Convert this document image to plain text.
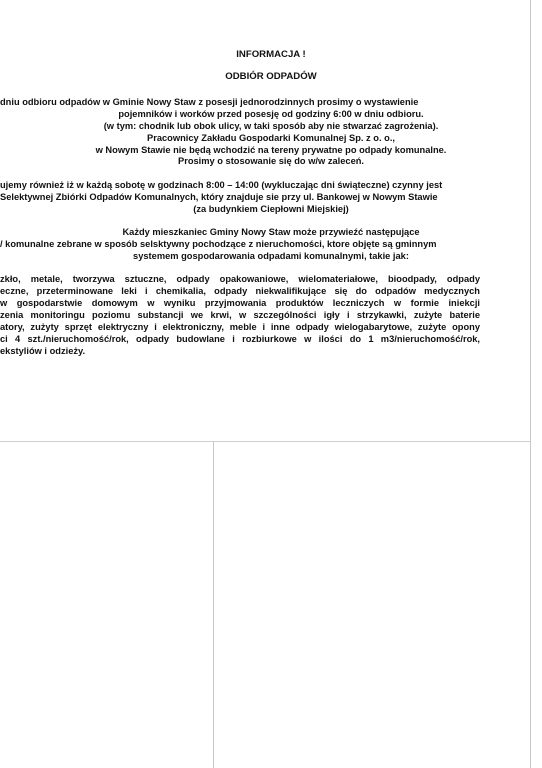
INFORMACJA !
ODBIÓR ODPADÓW
dniu odbioru odpadów w Gminie Nowy Staw z posesji jednorodzinnych prosimy o wystawienie
pojemników i worków przed posesję od godziny 6:00 w dniu odbioru.
(w tym: chodnik lub obok ulicy, w taki sposób aby nie stwarzać zagrożenia).
Pracownicy Zakładu Gospodarki Komunalnej Sp. z o. o.,
w Nowym Stawie nie będą wchodzić na tereny prywatne po odpady komunalne.
Prosimy o stosowanie się do w/w zaleceń.
ujemy również iż w każdą sobotę w godzinach 8:00 – 14:00 (wykluczając dni świąteczne) czynny jest
Selektywnej Zbiórki Odpadów Komunalnych, który znajduje sie przy ul. Bankowej w Nowym Stawie
(za budynkiem Ciepłowni Miejskiej)
Każdy mieszkaniec Gminy Nowy Staw może przywieźć następujące
/ komunalne zebrane w sposób selsktywny pochodzące z nieruchomości, ktore objęte są gminnym
systemem gospodarowania odpadami komunalnymi, takie jak:
zkło, metale, tworzywa sztuczne, odpady opakowaniowe, wielomateriałowe, bioodpady, odpady
eczne, przeterminowane leki i chemikalia, odpady niekwalifikujące się do odpadów medycznych
w gospodarstwie domowym w wyniku przyjmowania produktów leczniczych w formie iniekcji
zenia monitoringu poziomu substancji we krwi, w szczególności igły i strzykawki, zużyte baterie
atory, zużyty sprzęt elektryczny i elektroniczny, meble i inne odpady wielogabarytowe, zużyte opony
ci 4 szt./nieruchomość/rok, odpady budowlane i rozbiurkowe w ilości do 1 m3/nieruchomość/rok,
ekstyliów i odzieży.
